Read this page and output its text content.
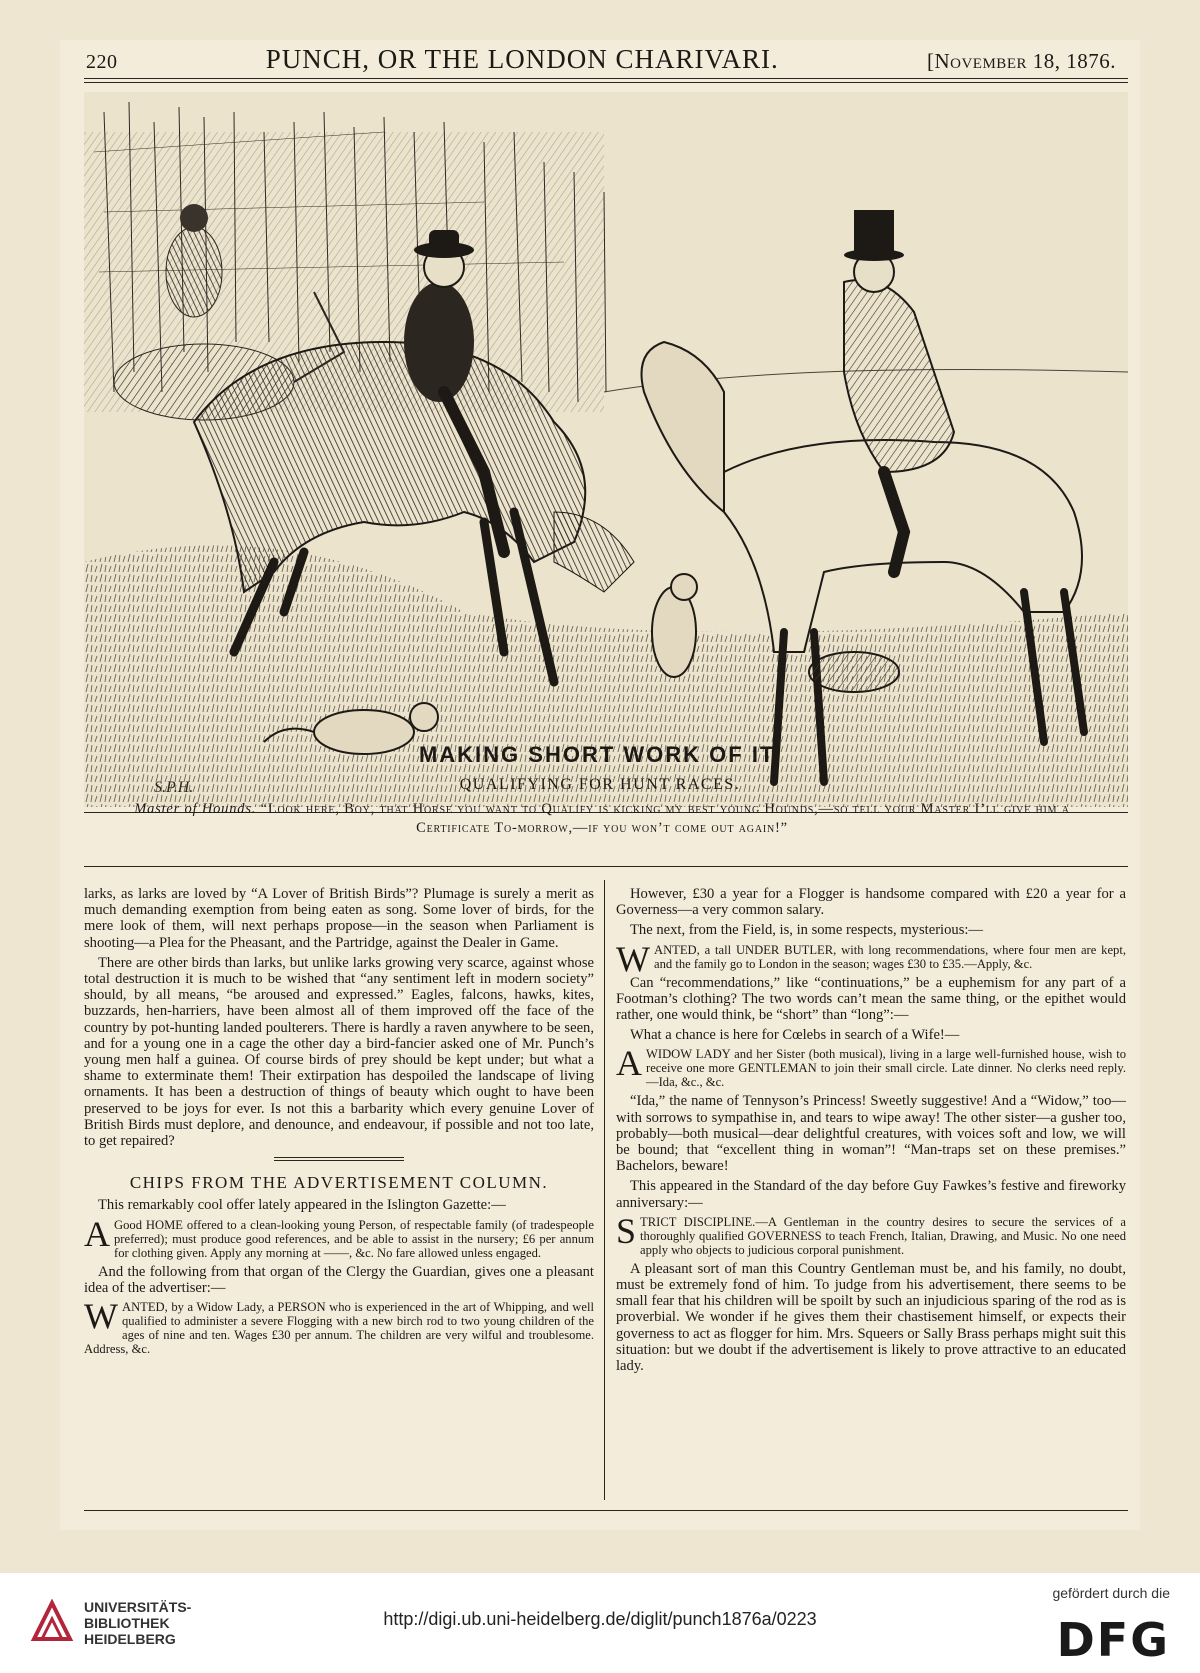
220	PUNCH, OR THE LONDON CHARIVARI.	[November 18, 1876.
S.P.H.
MAKING SHORT WORK OF IT.
QUALIFYING FOR HUNT RACES.
Master of Hounds. “Look here, Boy, that Horse you want to Qualify is kicking my best young Hounds,—so tell your Master I’ll give him a Certificate To-morrow,—if you won’t come out again!”

larks, as larks are loved by “A Lover of British Birds”? Plumage is surely a merit as much demanding exemption from being eaten as song. Some lover of birds, for the mere look of them, will next perhaps propose—in the season when Parliament is shooting—a Plea for the Pheasant, and the Partridge, against the Dealer in Game.

There are other birds than larks, but unlike larks growing very scarce, against whose total destruction it is much to be wished that “any sentiment left in modern society” should, by all means, “be aroused and expressed.” Eagles, falcons, hawks, kites, buzzards, hen-harriers, have been almost all of them improved off the face of the country by pot-hunting landed poulterers. There is hardly a raven anywhere to be seen, and for a young one in a cage the other day a bird-fancier asked one of Mr. Punch’s young men half a guinea. Of course birds of prey should be kept under; but what a shame to exterminate them! Their extirpation has despoiled the landscape of living ornaments. It has been a destruction of things of beauty which ought to have been preserved to be joys for ever. Is not this a barbarity which every genuine Lover of British Birds must deplore, and denounce, and endeavour, if possible and not too late, to get repaired?

CHIPS FROM THE ADVERTISEMENT COLUMN.

This remarkably cool offer lately appeared in the Islington Gazette:—

A Good HOME offered to a clean-looking young Person, of respectable family (of tradespeople preferred); must produce good references, and be able to assist in the nursery; £6 per annum for clothing given. Apply any morning at ——, &c. No fare allowed unless engaged.

And the following from that organ of the Clergy the Guardian, gives one a pleasant idea of the advertiser:—

WANTED, by a Widow Lady, a PERSON who is experienced in the art of Whipping, and well qualified to administer a severe Flogging with a new birch rod to two young children of the ages of nine and ten. Wages £30 per annum. The children are very wilful and troublesome. Address, &c.

However, £30 a year for a Flogger is handsome compared with £20 a year for a Governess—a very common salary.

The next, from the Field, is, in some respects, mysterious:—

WANTED, a tall UNDER BUTLER, with long recommendations, where four men are kept, and the family go to London in the season; wages £30 to £35.—Apply, &c.

Can “recommendations,” like “continuations,” be a euphemism for any part of a Footman’s clothing? The two words can’t mean the same thing, or the epithet would rather, one would think, be “short” than “long”:—

What a chance is here for Cœlebs in search of a Wife!—

AWIDOW LADY and her Sister (both musical), living in a large well-furnished house, wish to receive one more GENTLEMAN to join their small circle. Late dinner. No clerks need reply.—Ida, &c., &c.

“Ida,” the name of Tennyson’s Princess! Sweetly suggestive! And a “Widow,” too—with sorrows to sympathise in, and tears to wipe away! The other sister—a gusher too, probably—both musical—dear delightful creatures, with voices soft and low, we will be bound; that “excellent thing in woman”! “Man-traps set on these premises.” Bachelors, beware!

This appeared in the Standard of the day before Guy Fawkes’s festive and fireworky anniversary:—

STRICT DISCIPLINE.—A Gentleman in the country desires to secure the services of a thoroughly qualified GOVERNESS to teach French, Italian, Drawing, and Music. No one need apply who objects to judicious corporal punishment.

A pleasant sort of man this Country Gentleman must be, and his family, no doubt, must be extremely fond of him. To judge from his advertisement, there seems to be small fear that his children will be spoilt by such an injudicious sparing of the rod as is proverbial. We wonder if he gives them their chastisement himself, or expects their governess to act as flogger for him. Mrs. Squeers or Sally Brass perhaps might suit this situation: but we doubt if the advertisement is likely to prove attractive to an educated lady.

UNIVERSITÄTS-
BIBLIOTHEK
HEIDELBERG
http://digi.ub.uni-heidelberg.de/diglit/punch1876a/0223
gefördert durch die
DFG
